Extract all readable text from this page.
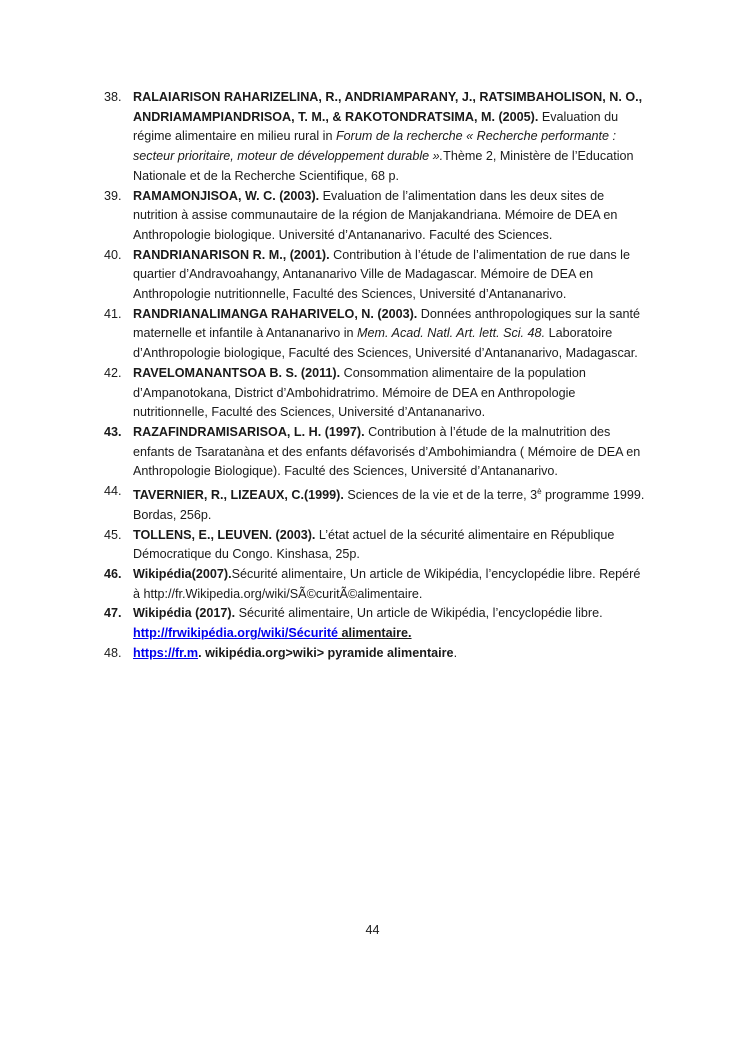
38. RALAIARISON RAHARIZELINA, R., ANDRIAMPARANY, J., RATSIMBAHOLISON, N. O., ANDRIAMAMPIANDRISOA, T. M., & RAKOTONDRATSIMA, M. (2005). Evaluation du régime alimentaire en milieu rural in Forum de la recherche « Recherche performante : secteur prioritaire, moteur de développement durable ».Thème 2, Ministère de l’Education Nationale et de la Recherche Scientifique, 68 p.
39. RAMAMONJISOA, W. C. (2003). Evaluation de l’alimentation dans les deux sites de nutrition à assise communautaire de la région de Manjakandriana. Mémoire de DEA en Anthropologie biologique. Université d’Antananarivo. Faculté des Sciences.
40. RANDRIANARISON R. M., (2001). Contribution à l’étude de l’alimentation de rue dans le quartier d’Andravoahangy, Antananarivo Ville de Madagascar. Mémoire de DEA en Anthropologie nutritionnelle, Faculté des Sciences, Université d’Antananarivo.
41. RANDRIANALIMANGA RAHARIVELO, N. (2003). Données anthropologiques sur la santé maternelle et infantile à Antananarivo in Mem. Acad. Natl. Art. lett. Sci. 48. Laboratoire d’Anthropologie biologique, Faculté des Sciences, Université d’Antananarivo, Madagascar.
42. RAVELOMANANTSOA B. S. (2011). Consommation alimentaire de la population d’Ampanotokana, District d’Ambohidratrimo. Mémoire de DEA en Anthropologie nutritionnelle, Faculté des Sciences, Université d’Antananarivo.
43. RAZAFINDRAMISARISOA, L. H. (1997). Contribution à l’étude de la malnutrition des enfants de Tsaratanàna et des enfants défavorisés d’Ambohimiandra ( Mémoire de DEA en Anthropologie Biologique). Faculté des Sciences, Université d’Antananarivo.
44. TAVERNIER, R., LIZEAUX, C.(1999). Sciences de la vie et de la terre, $3^è$ programme 1999. Bordas, 256p.
45. TOLLENS, E., LEUVEN. (2003). L’état actuel de la sécurité alimentaire en République Démocratique du Congo. Kinshasa, 25p.
46. Wikipédia(2007).Sécurité alimentaire, Un article de Wikipédia, l’encyclopédie libre. Repéré à http://fr.Wikipedia.org/wiki/SÃ©curitÃ©alimentaire.
47. Wikipédia (2017). Sécurité alimentaire, Un article de Wikipédia, l’encyclopédie libre. http://frwikipédia.org/wiki/Sécurité alimentaire.
48. https://fr.m. wikipédia.org>wiki> pyramide alimentaire.
44
